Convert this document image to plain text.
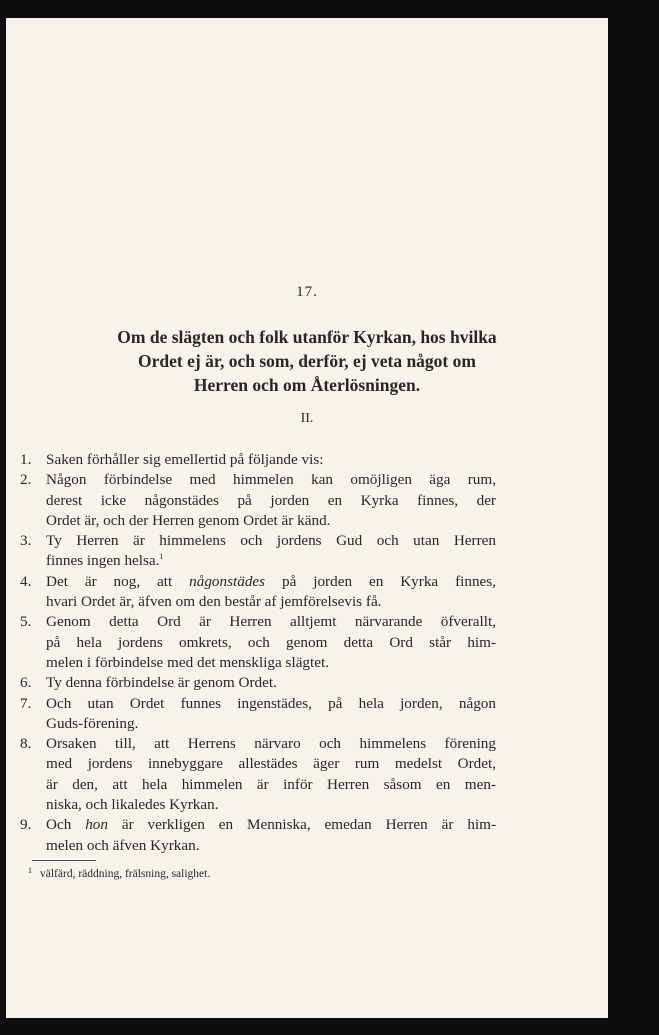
17.
Om de slägten och folk utanför Kyrkan, hos hvilka
Ordet ej är, och som, derför, ej veta något om
Herren och om Återlösningen.
II.
1. Saken förhåller sig emellertid på följande vis:
2. Någon förbindelse med himmelen kan omöjligen äga rum,
derest icke någonstädes på jorden en Kyrka finnes, der
Ordet är, och der Herren genom Ordet är känd.
3. Ty Herren är himmelens och jordens Gud och utan Herren
finnes ingen helsa.$^1$
4. Det är nog, att någonstädes på jorden en Kyrka finnes,
hvari Ordet är, äfven om den består af jemförelsevis få.
5. Genom detta Ord är Herren alltjemt närvarande öfverallt,
på hela jordens omkrets, och genom detta Ord står him-
melen i förbindelse med det menskliga slägtet.
6. Ty denna förbindelse är genom Ordet.
7. Och utan Ordet funnes ingenstädes, på hela jorden, någon
Guds-förening.
8. Orsaken till, att Herrens närvaro och himmelens förening
med jordens innebyggare allestädes äger rum medelst Ordet,
är den, att hela himmelen är inför Herren såsom en men-
niska, och likaledes Kyrkan.
9. Och hon är verkligen en Menniska, emedan Herren är him-
melen och äfven Kyrkan.
$^1$ välfärd, räddning, frälsning, salighet.
